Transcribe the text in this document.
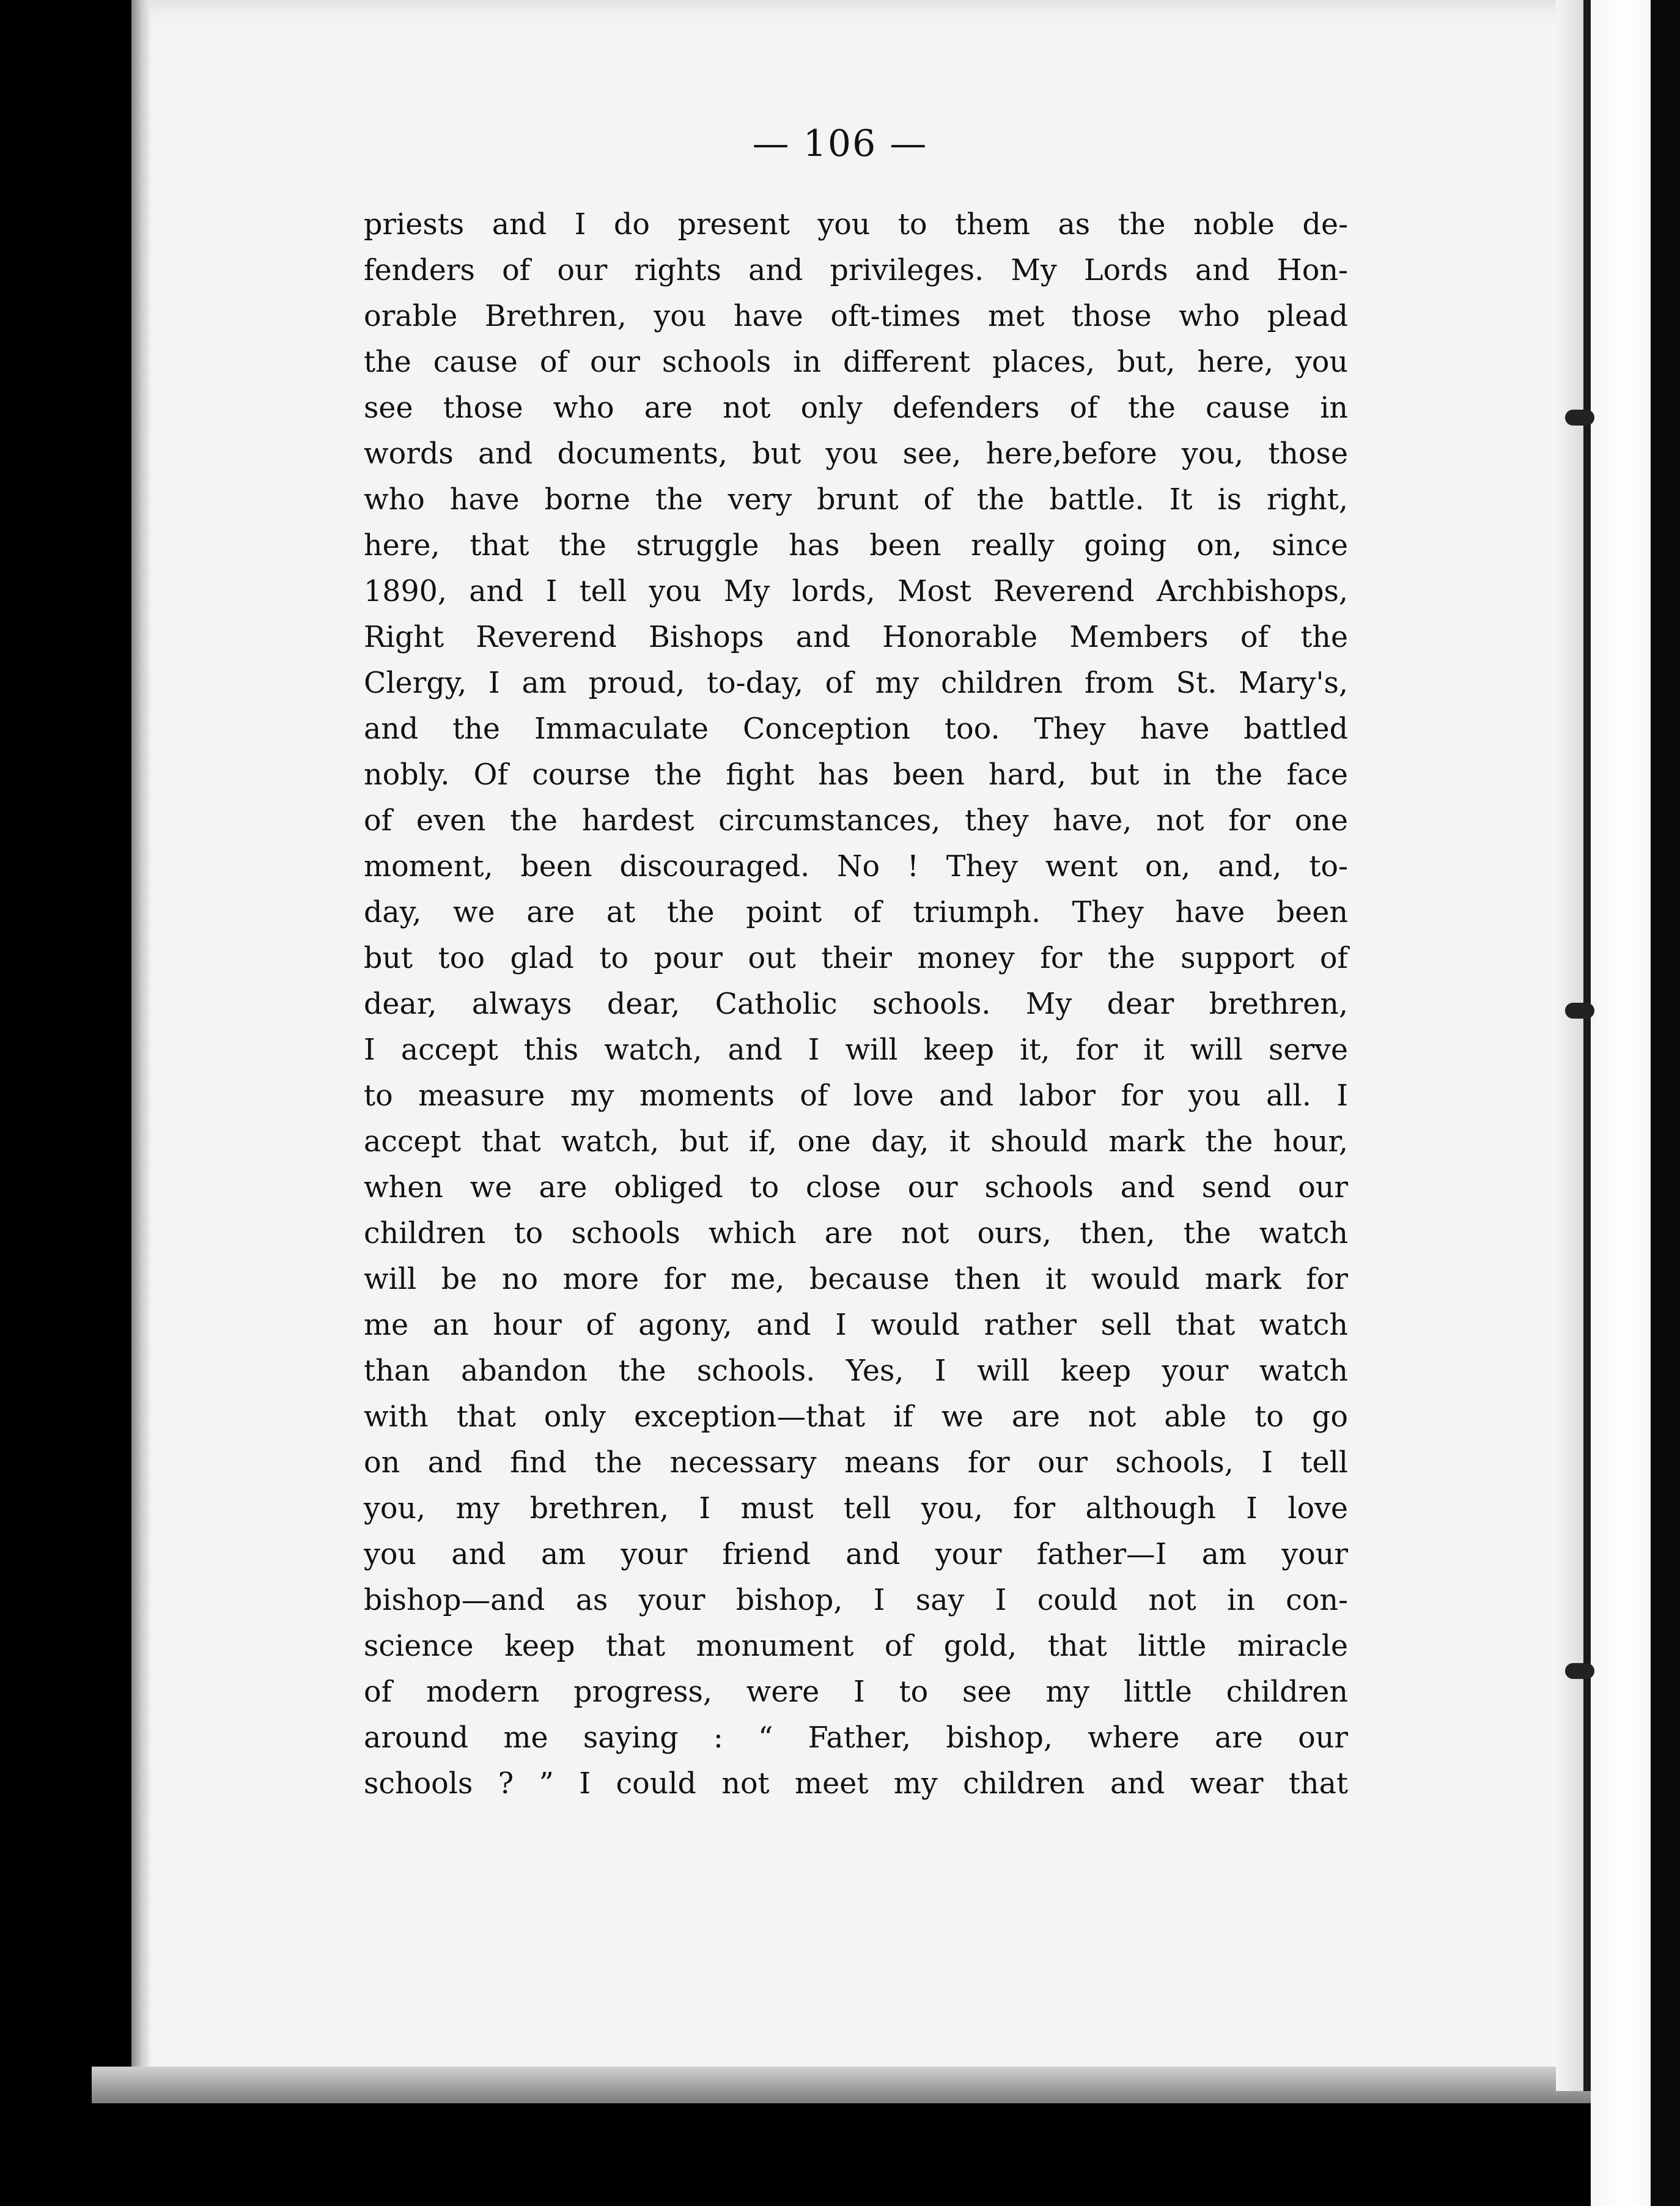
— 106 —
priests and I do present you to them as the noble de-
fenders of our rights and privileges. My Lords and Hon-
orable Brethren, you have oft-times met those who plead
the cause of our schools in different places, but, here, you
see those who are not only defenders of the cause in
words and documents, but you see, here,before you, those
who have borne the very brunt of the battle. It is right,
here, that the struggle has been really going on, since
1890, and I tell you My lords, Most Reverend Archbishops,
Right Reverend Bishops and Honorable Members of the
Clergy, I am proud, to-day, of my children from St. Mary's,
and the Immaculate Conception too. They have battled
nobly. Of course the fight has been hard, but in the face
of even the hardest circumstances, they have, not for one
moment, been discouraged. No ! They went on, and, to-
day, we are at the point of triumph. They have been
but too glad to pour out their money for the support of
dear, always dear, Catholic schools. My dear brethren,
I accept this watch, and I will keep it, for it will serve
to measure my moments of love and labor for you all. I
accept that watch, but if, one day, it should mark the hour,
when we are obliged to close our schools and send our
children to schools which are not ours, then, the watch
will be no more for me, because then it would mark for
me an hour of agony, and I would rather sell that watch
than abandon the schools. Yes, I will keep your watch
with that only exception—that if we are not able to go
on and find the necessary means for our schools, I tell
you, my brethren, I must tell you, for although I love
you and am your friend and your father—I am your
bishop—and as your bishop, I say I could not in con-
science keep that monument of gold, that little miracle
of modern progress, were I to see my little children
around me saying : “ Father, bishop, where are our
schools ? ” I could not meet my children and wear that
